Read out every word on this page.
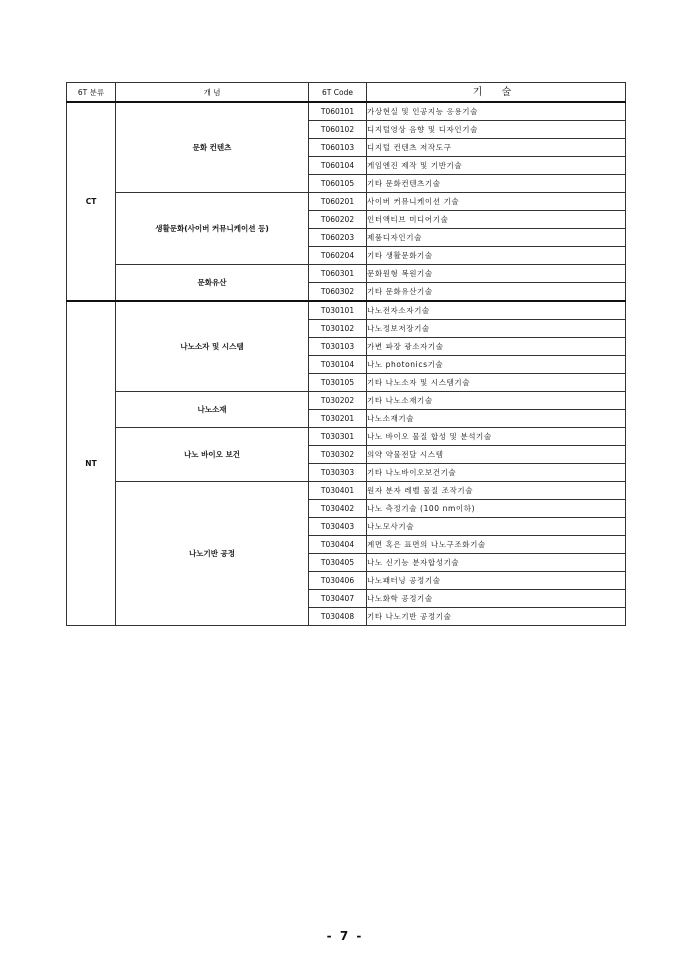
6T 분류	개 념	6T Code	기 술
CT	문화 컨텐츠	T060101	가상현실 및 인공지능 응용기술
		T060102	디지털영상 음향 및 디자인기술
		T060103	디지털 컨텐츠 저작도구
		T060104	게임엔진 제작 및 기반기술
		T060105	기타 문화컨텐츠기술
	생활문화(사이버 커뮤니케이션 등)	T060201	사이버 커뮤니케이션 기술
		T060202	인터액티브 미디어기술
		T060203	제품디자인기술
		T060204	기타 생활문화기술
	문화유산	T060301	문화원형 복원기술
		T060302	기타 문화유산기술
NT	나노소자 및 시스템	T030101	나노전자소자기술
		T030102	나노정보저장기술
		T030103	가변 파장 광소자기술
		T030104	나노 photonics기술
		T030105	기타 나노소자 및 시스템기술
	나노소재	T030202	기타 나노소재기술
		T030201	나노소재기술
	나노 바이오 보건	T030301	나노 바이오 물질 합성 및 분석기술
		T030302	의약 약물전달 시스템
		T030303	기타 나노바이오보건기술
	나노기반 공정	T030401	원자 분자 레벨 물질 조작기술
		T030402	나노 측정기술 (100 nm이하)
		T030403	나노모사기술
		T030404	계면 혹은 표면의 나노구조화기술
		T030405	나노 신기능 분자합성기술
		T030406	나노패터닝 공정기술
		T030407	나노화학 공정기술
		T030408	기타 나노기반 공정기술
- 7 -
